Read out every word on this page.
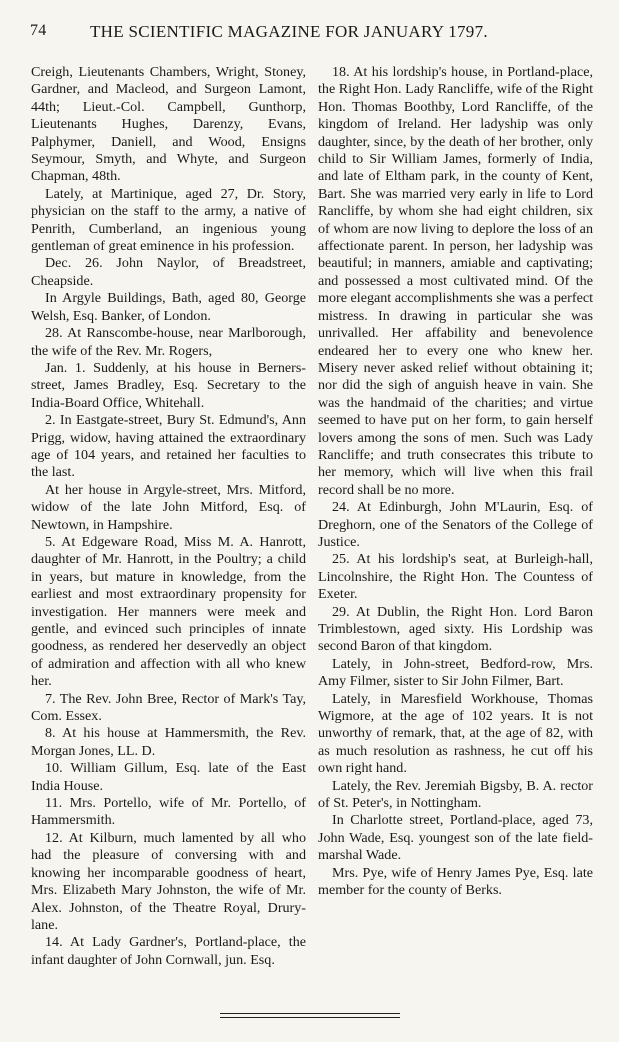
74	THE SCIENTIFIC MAGAZINE FOR JANUARY 1797.

Creigh, Lieutenants Chambers, Wright, Stoney, Gardner, and Macleod, and Surgeon Lamont, 44th; Lieut.-Col. Campbell, Gunthorp, Lieutenants Hughes, Darenzy, Evans, Palphymer, Daniell, and Wood, Ensigns Seymour, Smyth, and Whyte, and Surgeon Chapman, 48th.

Lately, at Martinique, aged 27, Dr. Story, physician on the staff to the army, a native of Penrith, Cumberland, an ingenious young gentleman of great eminence in his profession.

Dec. 26. John Naylor, of Breadstreet, Cheapside.

In Argyle Buildings, Bath, aged 80, George Welsh, Esq. Banker, of London.

28. At Ranscombe-house, near Marlborough, the wife of the Rev. Mr. Rogers,

Jan. 1. Suddenly, at his house in Berners-street, James Bradley, Esq. Secretary to the India-Board Office, Whitehall.

2. In Eastgate-street, Bury St. Edmund's, Ann Prigg, widow, having attained the extraordinary age of 104 years, and retained her faculties to the last.

At her house in Argyle-street, Mrs. Mitford, widow of the late John Mitford, Esq. of Newtown, in Hampshire.

5. At Edgeware Road, Miss M. A. Hanrott, daughter of Mr. Hanrott, in the Poultry; a child in years, but mature in knowledge, from the earliest and most extraordinary propensity for investigation. Her manners were meek and gentle, and evinced such principles of innate goodness, as rendered her deservedly an object of admiration and affection with all who knew her.

7. The Rev. John Bree, Rector of Mark's Tay, Com. Essex.

8. At his house at Hammersmith, the Rev. Morgan Jones, LL. D.

10. William Gillum, Esq. late of the East India House.

11. Mrs. Portello, wife of Mr. Portello, of Hammersmith.

12. At Kilburn, much lamented by all who had the pleasure of conversing with and knowing her incomparable goodness of heart, Mrs. Elizabeth Mary Johnston, the wife of Mr. Alex. Johnston, of the Theatre Royal, Drury-lane.

14. At Lady Gardner's, Portland-place, the infant daughter of John Cornwall, jun. Esq.

18. At his lordship's house, in Portland-place, the Right Hon. Lady Rancliffe, wife of the Right Hon. Thomas Boothby, Lord Rancliffe, of the kingdom of Ireland. Her ladyship was only daughter, since, by the death of her brother, only child to Sir William James, formerly of India, and late of Eltham park, in the county of Kent, Bart. She was married very early in life to Lord Rancliffe, by whom she had eight children, six of whom are now living to deplore the loss of an affectionate parent. In person, her ladyship was beautiful; in manners, amiable and captivating; and possessed a most cultivated mind. Of the more elegant accomplishments she was a perfect mistress. In drawing in particular she was unrivalled. Her affability and benevolence endeared her to every one who knew her. Misery never asked relief without obtaining it; nor did the sigh of anguish heave in vain. She was the handmaid of the charities; and virtue seemed to have put on her form, to gain herself lovers among the sons of men. Such was Lady Rancliffe; and truth consecrates this tribute to her memory, which will live when this frail record shall be no more.

24. At Edinburgh, John M'Laurin, Esq. of Dreghorn, one of the Senators of the College of Justice.

25. At his lordship's seat, at Burleigh-hall, Lincolnshire, the Right Hon. The Countess of Exeter.

29. At Dublin, the Right Hon. Lord Baron Trimblestown, aged sixty. His Lordship was second Baron of that kingdom.

Lately, in John-street, Bedford-row, Mrs. Amy Filmer, sister to Sir John Filmer, Bart.

Lately, in Maresfield Workhouse, Thomas Wigmore, at the age of 102 years. It is not unworthy of remark, that, at the age of 82, with as much resolution as rashness, he cut off his own right hand.

Lately, the Rev. Jeremiah Bigsby, B. A. rector of St. Peter's, in Nottingham.

In Charlotte street, Portland-place, aged 73, John Wade, Esq. youngest son of the late field-marshal Wade.

Mrs. Pye, wife of Henry James Pye, Esq. late member for the county of Berks.
